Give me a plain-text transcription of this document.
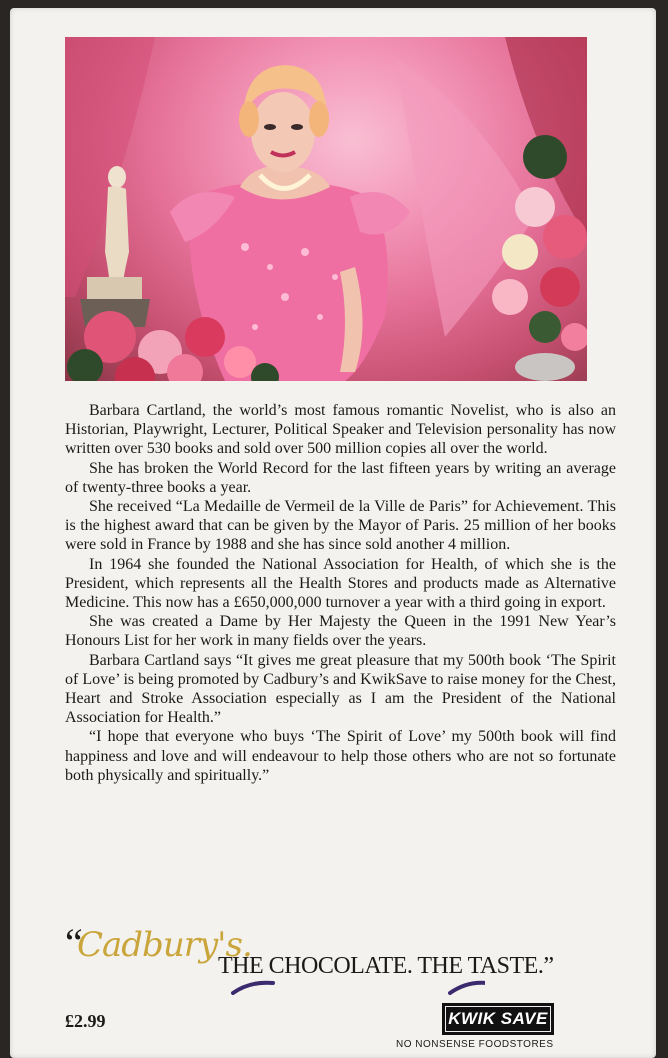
Barbara Cartland, the world’s most famous romantic Novelist, who is also an Historian, Playwright, Lecturer, Political Speaker and Television personality has now written over 530 books and sold over 500 million copies all over the world.

She has broken the World Record for the last fifteen years by writing an average of twenty-three books a year.

She received “La Medaille de Vermeil de la Ville de Paris” for Achievement. This is the highest award that can be given by the Mayor of Paris. 25 million of her books were sold in France by 1988 and she has since sold another 4 million.

In 1964 she founded the National Association for Health, of which she is the President, which represents all the Health Stores and products made as Alternative Medicine. This now has a £650,000,000 turnover a year with a third going in export.

She was created a Dame by Her Majesty the Queen in the 1991 New Year’s Honours List for her work in many fields over the years.

Barbara Cartland says “It gives me great pleasure that my 500th book ‘The Spirit of Love’ is being promoted by Cadbury’s and KwikSave to raise money for the Chest, Heart and Stroke Association especially as I am the President of the National Association for Health.”

“I hope that everyone who buys ‘The Spirit of Love’ my 500th book will find happiness and love and will endeavour to help those others who are not so fortunate both physically and spiritually.”

“
Cadbury's.
THE CHOCOLATE. THE TASTE.”
£2.99	KWIK SAVE
NO NONSENSE FOODSTORES
